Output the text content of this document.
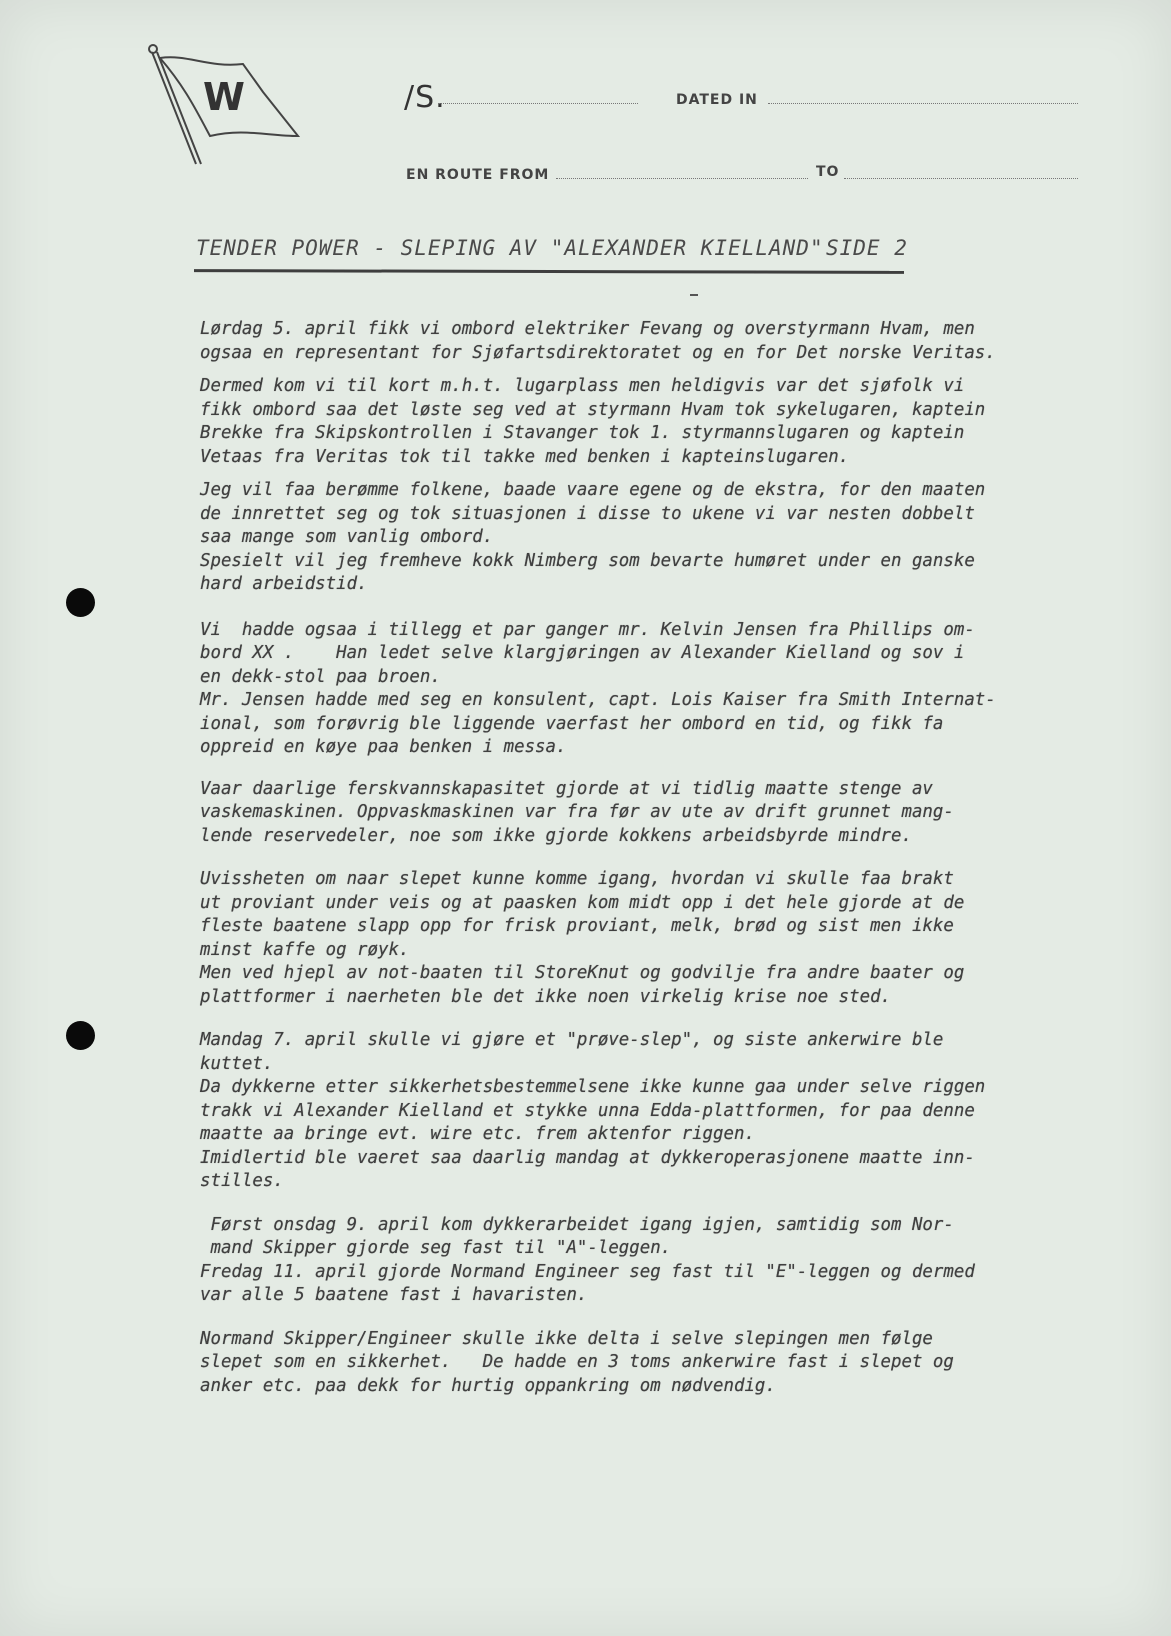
W	/S.	DATED IN
EN ROUTE FROM	TO
TENDER POWER - SLEPING AV "ALEXANDER KIELLAND" SIDE 2

Lørdag 5. april fikk vi ombord elektriker Fevang og overstyrmann Hvam, men

ogsaa en representant for Sjøfartsdirektoratet og en for Det norske Veritas.

Dermed kom vi til kort m.h.t. lugarplass men heldigvis var det sjøfolk vi

fikk ombord saa det løste seg ved at styrmann Hvam tok sykelugaren, kaptein

Brekke fra Skipskontrollen i Stavanger tok 1. styrmannslugaren og kaptein

Vetaas fra Veritas tok til takke med benken i kapteinslugaren.

Jeg vil faa berømme folkene, baade vaare egene og de ekstra, for den maaten

de innrettet seg og tok situasjonen i disse to ukene vi var nesten dobbelt

saa mange som vanlig ombord.

Spesielt vil jeg fremheve kokk Nimberg som bevarte humøret under en ganske

hard arbeidstid.

Vi  hadde ogsaa i tillegg et par ganger mr. Kelvin Jensen fra Phillips om-

bord XX .    Han ledet selve klargjøringen av Alexander Kielland og sov i

en dekk-stol paa broen.

Mr. Jensen hadde med seg en konsulent, capt. Lois Kaiser fra Smith Internat-

ional, som forøvrig ble liggende vaerfast her ombord en tid, og fikk fa

oppreid en køye paa benken i messa.

Vaar daarlige ferskvannskapasitet gjorde at vi tidlig maatte stenge av

vaskemaskinen. Oppvaskmaskinen var fra før av ute av drift grunnet mang-

lende reservedeler, noe som ikke gjorde kokkens arbeidsbyrde mindre.

Uvissheten om naar slepet kunne komme igang, hvordan vi skulle faa brakt

ut proviant under veis og at paasken kom midt opp i det hele gjorde at de

fleste baatene slapp opp for frisk proviant, melk, brød og sist men ikke

minst kaffe og røyk.

Men ved hjepl av not-baaten til StoreKnut og godvilje fra andre baater og

plattformer i naerheten ble det ikke noen virkelig krise noe sted.

Mandag 7. april skulle vi gjøre et "prøve-slep", og siste ankerwire ble

kuttet.

Da dykkerne etter sikkerhetsbestemmelsene ikke kunne gaa under selve riggen

trakk vi Alexander Kielland et stykke unna Edda-plattformen, for paa denne

maatte aa bringe evt. wire etc. frem aktenfor riggen.

Imidlertid ble vaeret saa daarlig mandag at dykkeroperasjonene maatte inn-

stilles.

Først onsdag 9. april kom dykkerarbeidet igang igjen, samtidig som Nor-

mand Skipper gjorde seg fast til "A"-leggen.

Fredag 11. april gjorde Normand Engineer seg fast til "E"-leggen og dermed

var alle 5 baatene fast i havaristen.

Normand Skipper/Engineer skulle ikke delta i selve slepingen men følge

slepet som en sikkerhet.   De hadde en 3 toms ankerwire fast i slepet og

anker etc. paa dekk for hurtig oppankring om nødvendig.
